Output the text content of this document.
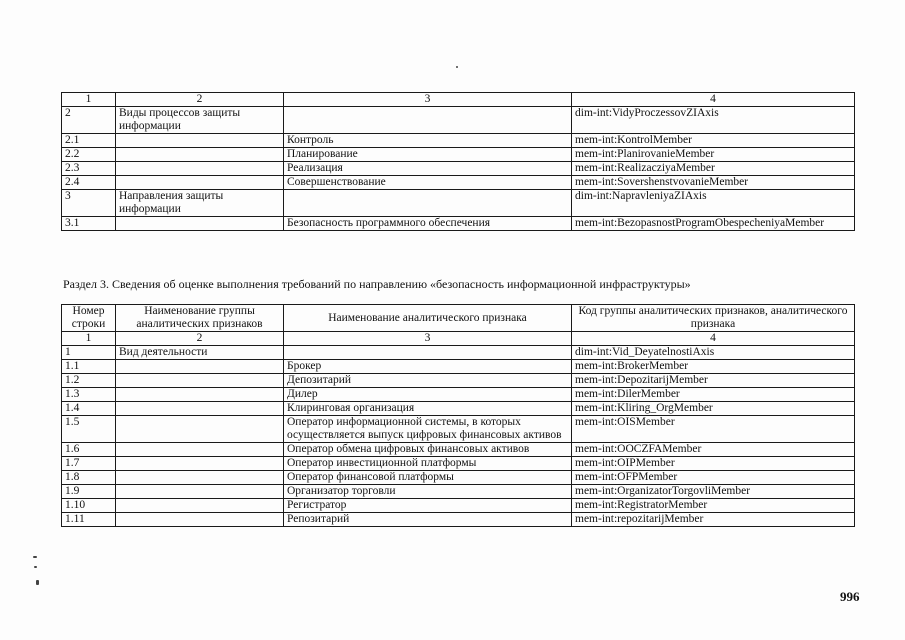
1	2	3	4
2	Виды процессов защиты информации		dim-int:VidyProczessovZIAxis
2.1		Контроль	mem-int:KontrolMember
2.2		Планирование	mem-int:PlanirovanieMember
2.3		Реализация	mem-int:RealizacziyaMember
2.4		Совершенствование	mem-int:SovershenstvovanieMember
3	Направления защиты информации		dim-int:NapravleniyaZIAxis
3.1		Безопасность программного обеспечения	mem-int:BezopasnostProgramObespecheniyaMember
Раздел 3. Сведения об оценке выполнения требований по направлению «безопасность информационной инфраструктуры»
Номер строки	Наименование группы аналитических признаков	Наименование аналитического признака	Код группы аналитических признаков, аналитического признака
1	2	3	4
1	Вид деятельности		dim-int:Vid_DeyatelnostiAxis
1.1		Брокер	mem-int:BrokerMember
1.2		Депозитарий	mem-int:DepozitarijMember
1.3		Дилер	mem-int:DilerMember
1.4		Клиринговая организация	mem-int:Kliring_OrgMember
1.5		Оператор информационной системы, в которых осуществляется выпуск цифровых финансовых активов	mem-int:OISMember
1.6		Оператор обмена цифровых финансовых активов	mem-int:OOCZFAMember
1.7		Оператор инвестиционной платформы	mem-int:OIPMember
1.8		Оператор финансовой платформы	mem-int:OFPMember
1.9		Организатор торговли	mem-int:OrganizatorTorgovliMember
1.10		Регистратор	mem-int:RegistratorMember
1.11		Репозитарий	mem-int:repozitarijMember
996
